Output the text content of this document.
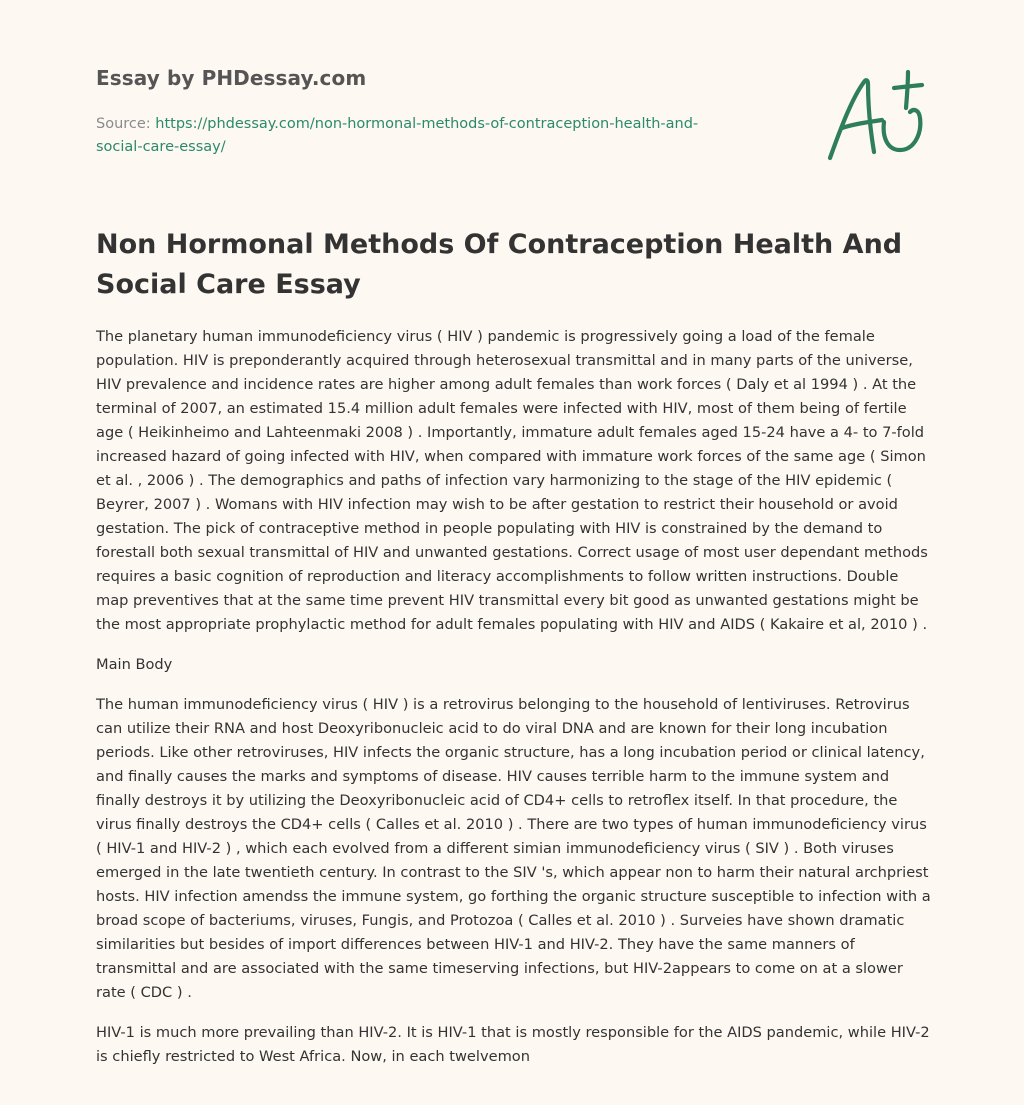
Essay by PHDessay.com
Source: https://phdessay.com/non-hormonal-methods-of-contraception-health-and-social-care-essay/
Non Hormonal Methods Of Contraception Health And Social Care Essay

The planetary human immunodeficiency virus ( HIV ) pandemic is progressively going a load of the female population. HIV is preponderantly acquired through heterosexual transmittal and in many parts of the universe, HIV prevalence and incidence rates are higher among adult females than work forces ( Daly et al 1994 ) . At the terminal of 2007, an estimated 15.4 million adult females were infected with HIV, most of them being of fertile age ( Heikinheimo and Lahteenmaki 2008 ) . Importantly, immature adult females aged 15-24 have a 4- to 7-fold increased hazard of going infected with HIV, when compared with immature work forces of the same age ( Simon et al. , 2006 ) . The demographics and paths of infection vary harmonizing to the stage of the HIV epidemic ( Beyrer, 2007 ) . Womans with HIV infection may wish to be after gestation to restrict their household or avoid gestation. The pick of contraceptive method in people populating with HIV is constrained by the demand to forestall both sexual transmittal of HIV and unwanted gestations. Correct usage of most user dependant methods requires a basic cognition of reproduction and literacy accomplishments to follow written instructions. Double map preventives that at the same time prevent HIV transmittal every bit good as unwanted gestations might be the most appropriate prophylactic method for adult females populating with HIV and AIDS ( Kakaire et al, 2010 ) .

Main Body

The human immunodeficiency virus ( HIV ) is a retrovirus belonging to the household of lentiviruses. Retrovirus can utilize their RNA and host Deoxyribonucleic acid to do viral DNA and are known for their long incubation periods. Like other retroviruses, HIV infects the organic structure, has a long incubation period or clinical latency, and finally causes the marks and symptoms of disease. HIV causes terrible harm to the immune system and finally destroys it by utilizing the Deoxyribonucleic acid of CD4+ cells to retroflex itself. In that procedure, the virus finally destroys the CD4+ cells ( Calles et al. 2010 ) . There are two types of human immunodeficiency virus ( HIV-1 and HIV-2 ) , which each evolved from a different simian immunodeficiency virus ( SIV ) . Both viruses emerged in the late twentieth century. In contrast to the SIV 's, which appear non to harm their natural archpriest hosts. HIV infection amendss the immune system, go forthing the organic structure susceptible to infection with a broad scope of bacteriums, viruses, Fungis, and Protozoa ( Calles et al. 2010 ) . Surveies have shown dramatic similarities but besides of import differences between HIV-1 and HIV-2. They have the same manners of transmittal and are associated with the same timeserving infections, but HIV-2appears to come on at a slower rate ( CDC ) .

HIV-1 is much more prevailing than HIV-2. It is HIV-1 that is mostly responsible for the AIDS pandemic, while HIV-2 is chiefly restricted to West Africa. Now, in each twelvemon
